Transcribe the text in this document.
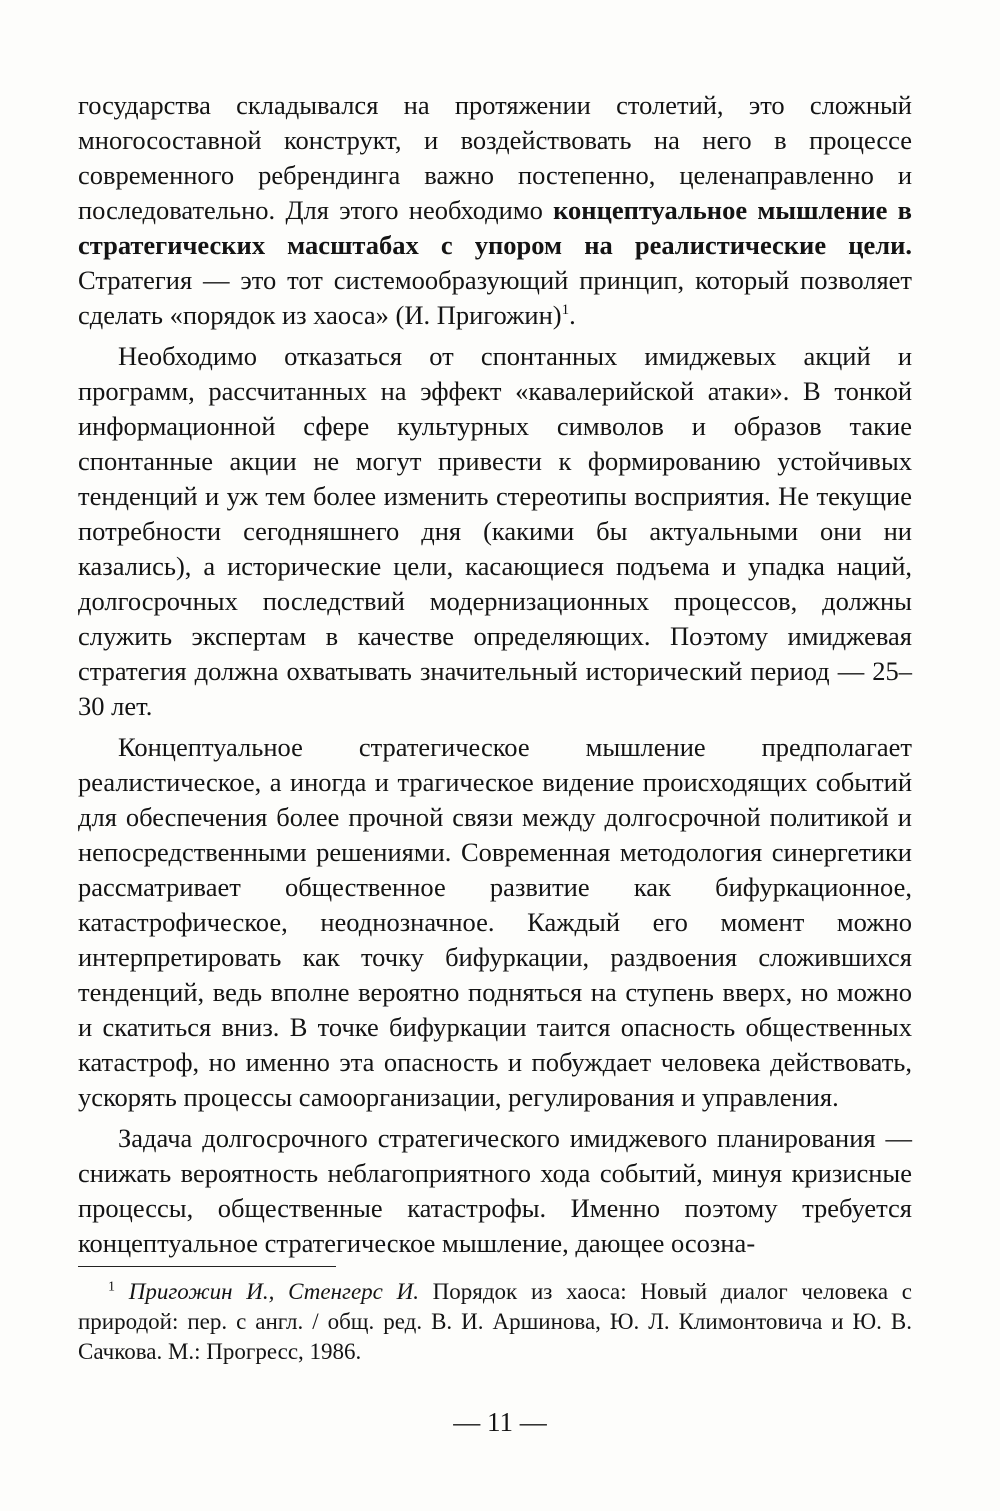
государства складывался на протяжении столетий, это сложный многосоставной конструкт, и воздействовать на него в процессе современного ребрендинга важно постепенно, целенаправленно и последовательно. Для этого необходимо концептуальное мышление в стратегических масштабах с упором на реалистические цели. Стратегия — это тот системообразующий принцип, который позволяет сделать «порядок из хаоса» (И. Пригожин)$^1$.

Необходимо отказаться от спонтанных имиджевых акций и программ, рассчитанных на эффект «кавалерийской атаки». В тонкой информационной сфере культурных символов и образов такие спонтанные акции не могут привести к формированию устойчивых тенденций и уж тем более изменить стереотипы восприятия. Не текущие потребности сегодняшнего дня (какими бы актуальными они ни казались), а исторические цели, касающиеся подъема и упадка наций, долгосрочных последствий модернизационных процессов, должны служить экспертам в качестве определяющих. Поэтому имиджевая стратегия должна охватывать значительный исторический период — 25–30 лет.

Концептуальное стратегическое мышление предполагает реалистическое, а иногда и трагическое видение происходящих событий для обеспечения более прочной связи между долгосрочной политикой и непосредственными решениями. Современная методология синергетики рассматривает общественное развитие как бифуркационное, катастрофическое, неоднозначное. Каждый его момент можно интерпретировать как точку бифуркации, раздвоения сложившихся тенденций, ведь вполне вероятно подняться на ступень вверх, но можно и скатиться вниз. В точке бифуркации таится опасность общественных катастроф, но именно эта опасность и побуждает человека действовать, ускорять процессы самоорганизации, регулирования и управления.

Задача долгосрочного стратегического имиджевого планирования — снижать вероятность неблагоприятного хода событий, минуя кризисные процессы, общественные катастрофы. Именно поэтому требуется концептуальное стратегическое мышление, дающее осозна-

$^1$ Пригожин И., Стенгерс И. Порядок из хаоса: Новый диалог человека с природой: пер. с англ. / общ. ред. В. И. Аршинова, Ю. Л. Климонтовича и Ю. В. Сачкова. М.: Прогресс, 1986.

— 11 —
